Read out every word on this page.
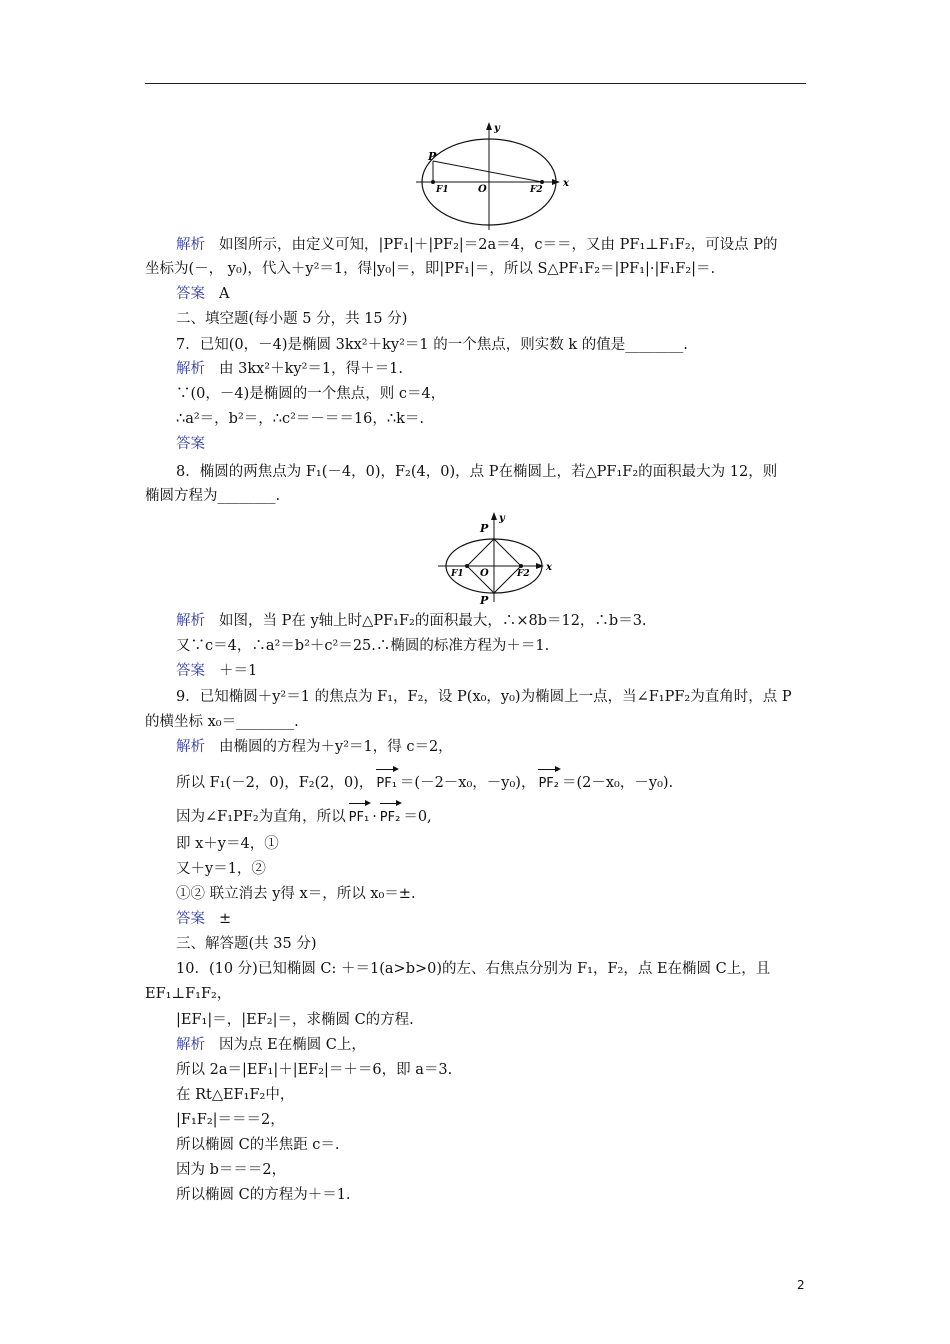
P
F1	O	F2
x
y
解析 如图所示，由定义可知，|PF₁|＋|PF₂|＝2a＝4，c＝＝，又由 PF₁⊥F₁F₂，可设点 P的
坐标为(－， y₀)，代入＋y²＝1，得|y₀|＝，即|PF₁|＝，所以 S△PF₁F₂＝|PF₁|·|F₁F₂|＝.
答案 A
二、填空题(每小题 5 分，共 15 分)
7．已知(0，－4)是椭圆 3kx²＋ky²＝1 的一个焦点，则实数 k 的值是________.
解析 由 3kx²＋ky²＝1，得＋＝1.
∵(0，－4)是椭圆的一个焦点，则 c＝4，
∴a²＝，b²＝，∴c²＝－＝＝16，∴k＝.
答案
8．椭圆的两焦点为 F₁(－4，0)，F₂(4，0)，点 P在椭圆上，若△PF₁F₂的面积最大为 12，则
椭圆方程为________.
P
P
F1 O	F2
x
y
解析 如图，当 P在 y轴上时△PF₁F₂的面积最大，∴×8b＝12，∴b＝3.
又∵c＝4，∴a²＝b²＋c²＝25.∴椭圆的标准方程为＋＝1.
答案 ＋＝1
9．已知椭圆＋y²＝1 的焦点为 F₁，F₂，设 P(x₀，y₀)为椭圆上一点，当∠F₁PF₂为直角时，点 P
的横坐标 x₀＝________.
解析 由椭圆的方程为＋y²＝1，得 c＝2，
所以 F₁(－2，0)，F₂(2，0)， PF₁ ＝(－2－x₀，－y₀)， PF₂ ＝(2－x₀，－y₀).
因为∠F₁PF₂为直角，所以 PF₁ · PF₂ ＝0,
即 x＋y＝4，①
又＋y＝1，②
①② 联立消去 y得 x＝，所以 x₀＝±.
答案 ±
三、解答题(共 35 分)
10．(10 分)已知椭圆 C: ＋＝1(a>b>0)的左、右焦点分别为 F₁，F₂，点 E在椭圆 C上，且
EF₁⊥F₁F₂，
|EF₁|＝，|EF₂|＝，求椭圆 C的方程.
解析 因为点 E在椭圆 C上，
所以 2a＝|EF₁|＋|EF₂|＝＋＝6，即 a＝3.
在 Rt△EF₁F₂中，
|F₁F₂|＝＝＝2，
所以椭圆 C的半焦距 c＝.
因为 b＝＝＝2，
所以椭圆 C的方程为＋＝1.
2
